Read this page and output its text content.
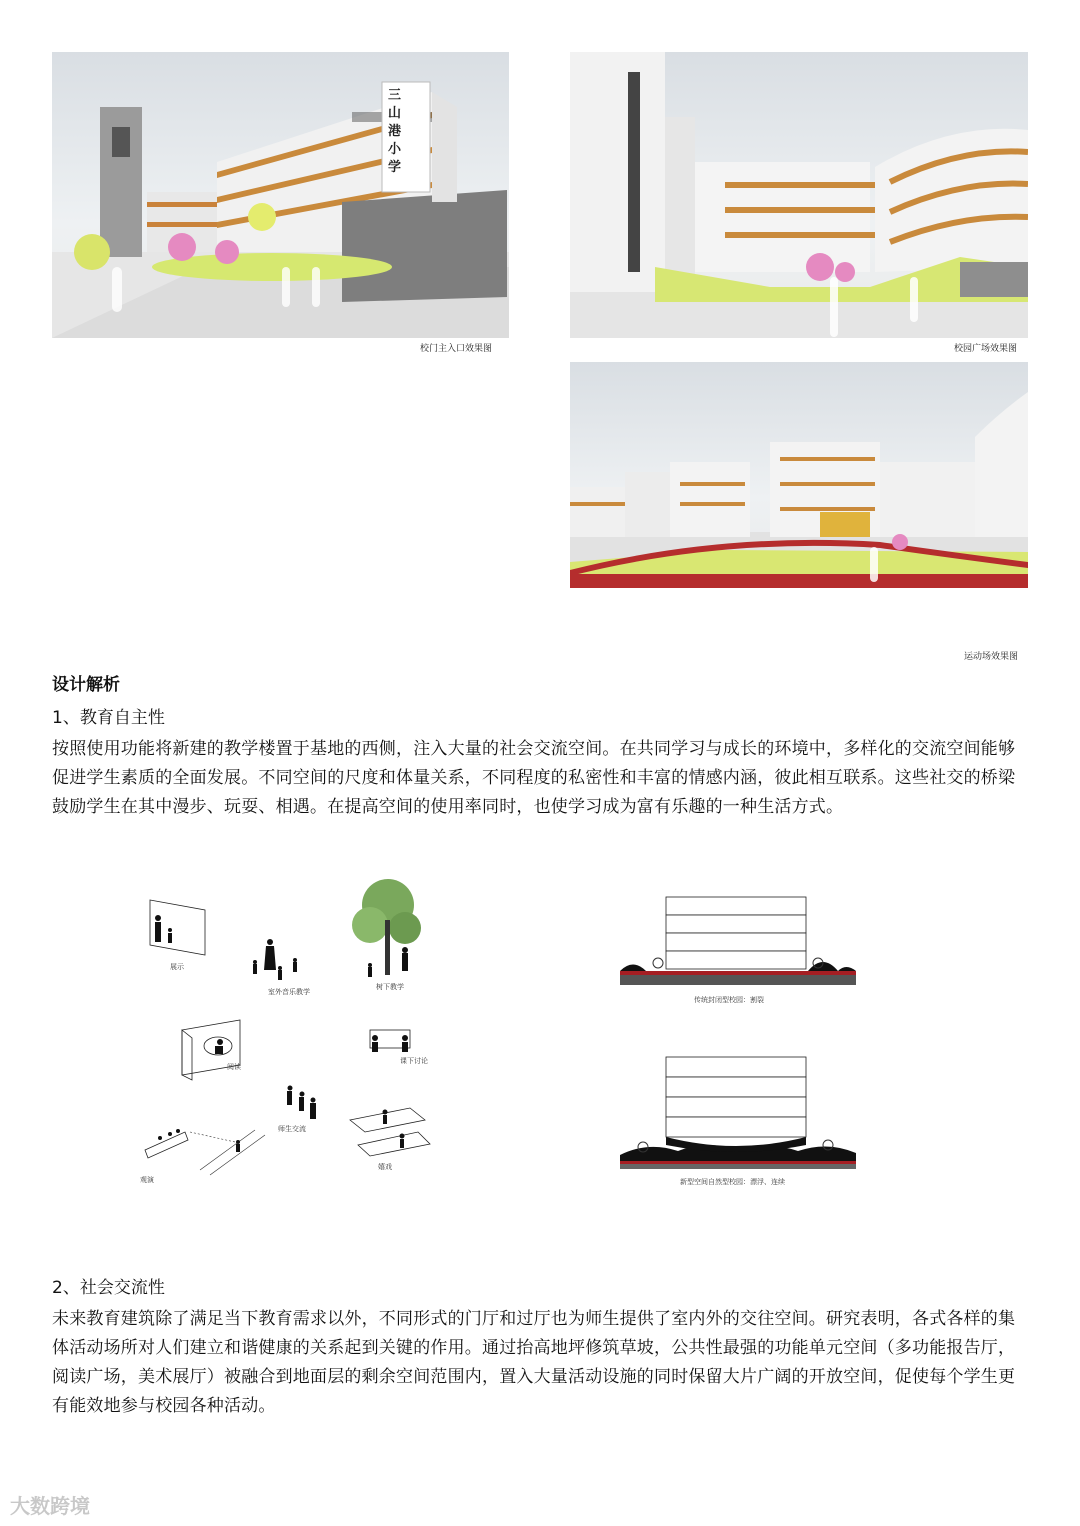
三山港小学
校门主入口效果图	校园广场效果图
运动场效果图
设计解析
1、教育自主性
按照使用功能将新建的教学楼置于基地的西侧，注入大量的社会交流空间。在共同学习与成长的环境中，多样化的交流空间能够促进学生素质的全面发展。不同空间的尺度和体量关系，不同程度的私密性和丰富的情感内涵，彼此相互联系。这些社交的桥梁鼓励学生在其中漫步、玩耍、相遇。在提高空间的使用率同时，也使学习成为富有乐趣的一种生活方式。
展示
室外音乐教学
树下教学
阅读
课下讨论
师生交流
观演
嬉戏
传统封闭型校园：割裂
新型空间自然型校园：漂浮、连续
2、社会交流性
未来教育建筑除了满足当下教育需求以外，不同形式的门厅和过厅也为师生提供了室内外的交往空间。研究表明，各式各样的集体活动场所对人们建立和谐健康的关系起到关键的作用。通过抬高地坪修筑草坡，公共性最强的功能单元空间（多功能报告厅，阅读广场，美术展厅）被融合到地面层的剩余空间范围内，置入大量活动设施的同时保留大片广阔的开放空间，促使每个学生更有能效地参与校园各种活动。
大数跨境
